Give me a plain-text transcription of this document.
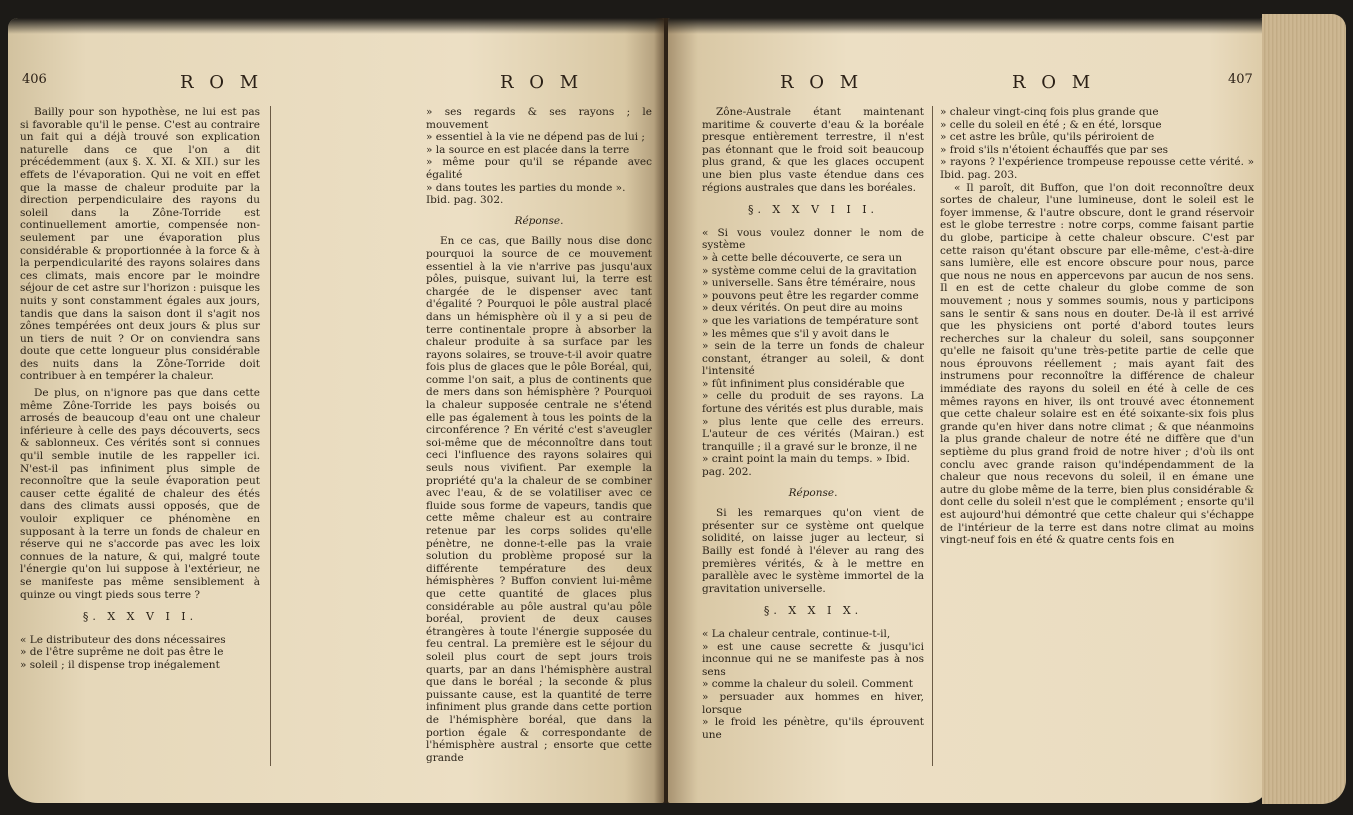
406	R O M	R O M

Bailly pour son hypothèse, ne lui est pas si favorable qu'il le pense. C'est au contraire un fait qui a déjà trouvé son explication naturelle dans ce que l'on a dit précédemment (aux §. X. XI. & XII.) sur les effets de l'évaporation. Qui ne voit en effet que la masse de chaleur produite par la direction perpendiculaire des rayons du soleil dans la Zône-Torride est continuellement amortie, compensée non-seulement par une évaporation plus considérable & proportionnée à la force & à la perpendicularité des rayons solaires dans ces climats, mais encore par le moindre séjour de cet astre sur l'horizon : puisque les nuits y sont constamment égales aux jours, tandis que dans la saison dont il s'agit nos zônes tempérées ont deux jours & plus sur un tiers de nuit ? Or on conviendra sans doute que cette longueur plus considérable des nuits dans la Zône-Torride doit contribuer à en tempérer la chaleur.

De plus, on n'ignore pas que dans cette même Zône-Torride les pays boisés ou arrosés de beaucoup d'eau ont une chaleur inférieure à celle des pays découverts, secs & sablonneux. Ces vérités sont si connues qu'il semble inutile de les rappeller ici. N'est-il pas infiniment plus simple de reconnoître que la seule évaporation peut causer cette égalité de chaleur des étés dans des climats aussi opposés, que de vouloir expliquer ce phénomène en supposant à la terre un fonds de chaleur en réserve qui ne s'accorde pas avec les loix connues de la nature, & qui, malgré toute l'énergie qu'on lui suppose à l'extérieur, ne se manifeste pas même sensiblement à quinze ou vingt pieds sous terre ?

§. X X V I I.

« Le distributeur des dons nécessaires
» de l'être suprême ne doit pas être le
» soleil ; il dispense trop inégalement
» ses regards & ses rayons ; le mouvement
» essentiel à la vie ne dépend pas de lui ;
» la source en est placée dans la terre
» même pour qu'il se répande avec égalité
» dans toutes les parties du monde ».
Ibid. pag. 302.

Réponse.

En ce cas, que Bailly nous dise donc pourquoi la source de ce mouvement essentiel à la vie n'arrive pas jusqu'aux pôles, puisque, suivant lui, la terre est chargée de le dispenser avec tant d'égalité ? Pourquoi le pôle austral placé dans un hémisphère où il y a si peu de terre continentale propre à absorber la chaleur produite à sa surface par les rayons solaires, se trouve-t-il avoir quatre fois plus de glaces que le pôle Boréal, qui, comme l'on sait, a plus de continents que de mers dans son hémisphère ? Pourquoi la chaleur supposée centrale ne s'étend elle pas également à tous les points de la circonférence ? En vérité c'est s'aveugler soi-même que de méconnoître dans tout ceci l'influence des rayons solaires qui seuls nous vivifient. Par exemple la propriété qu'a la chaleur de se combiner avec l'eau, & de se volatiliser avec ce fluide sous forme de vapeurs, tandis que cette même chaleur est au contraire retenue par les corps solides qu'elle pénètre, ne donne-t-elle pas la vraie solution du problème proposé sur la différente température des deux hémisphères ? Buffon convient lui-même que cette quantité de glaces plus considérable au pôle austral qu'au pôle boréal, provient de deux causes étrangères à toute l'énergie supposée du feu central. La première est le séjour du soleil plus court de sept jours trois quarts, par an dans l'hémisphère austral que dans le boréal ; la seconde & plus puissante cause, est la quantité de terre infiniment plus grande dans cette portion de l'hémisphère boréal, que dans la portion égale & correspondante de l'hémisphère austral ; ensorte que cette grande

R O M	R O M	407

Zône-Australe étant maintenant maritime & couverte d'eau & la boréale presque entièrement terrestre, il n'est pas étonnant que le froid soit beaucoup plus grand, & que les glaces occupent une bien plus vaste étendue dans ces régions australes que dans les boréales.

§. X X V I I I.

« Si vous voulez donner le nom de système
» à cette belle découverte, ce sera un
» système comme celui de la gravitation
» universelle. Sans être téméraire, nous
» pouvons peut être les regarder comme
» deux vérités. On peut dire au moins
» que les variations de température sont
» les mêmes que s'il y avoit dans le
» sein de la terre un fonds de chaleur constant, étranger au soleil, & dont l'intensité
» fût infiniment plus considérable que
» celle du produit de ses rayons. La fortune des vérités est plus durable, mais
» plus lente que celle des erreurs. L'auteur de ces vérités (Mairan.) est tranquille ; il a gravé sur le bronze, il ne
» craint point la main du temps. » Ibid.
pag. 202.

Réponse.

Si les remarques qu'on vient de présenter sur ce système ont quelque solidité, on laisse juger au lecteur, si Bailly est fondé à l'élever au rang des premières vérités, & à le mettre en parallèle avec le système immortel de la gravitation universelle.

§. X X I X.

« La chaleur centrale, continue-t-il,
» est une cause secrette & jusqu'ici inconnue qui ne se manifeste pas à nos sens
» comme la chaleur du soleil. Comment
» persuader aux hommes en hiver, lorsque
» le froid les pénètre, qu'ils éprouvent une
» chaleur vingt-cinq fois plus grande que
» celle du soleil en été ; & en été, lorsque
» cet astre les brûle, qu'ils périroient de
» froid s'ils n'étoient échauffés que par ses
» rayons ? l'expérience trompeuse repousse cette vérité. » Ibid. pag. 203.

« Il paroît, dit Buffon, que l'on doit reconnoître deux sortes de chaleur, l'une lumineuse, dont le soleil est le foyer immense, & l'autre obscure, dont le grand réservoir est le globe terrestre : notre corps, comme faisant partie du globe, participe à cette chaleur obscure. C'est par cette raison qu'étant obscure par elle-même, c'est-à-dire sans lumière, elle est encore obscure pour nous, parce que nous ne nous en appercevons par aucun de nos sens. Il en est de cette chaleur du globe comme de son mouvement ; nous y sommes soumis, nous y participons sans le sentir & sans nous en douter. De-là il est arrivé que les physiciens ont porté d'abord toutes leurs recherches sur la chaleur du soleil, sans soupçonner qu'elle ne faisoit qu'une très-petite partie de celle que nous éprouvons réellement ; mais ayant fait des instrumens pour reconnoître la différence de chaleur immédiate des rayons du soleil en été à celle de ces mêmes rayons en hiver, ils ont trouvé avec étonnement que cette chaleur solaire est en été soixante-six fois plus grande qu'en hiver dans notre climat ; & que néanmoins la plus grande chaleur de notre été ne diffère que d'un septième du plus grand froid de notre hiver ; d'où ils ont conclu avec grande raison qu'indépendamment de la chaleur que nous recevons du soleil, il en émane une autre du globe même de la terre, bien plus considérable & dont celle du soleil n'est que le complément ; ensorte qu'il est aujourd'hui démontré que cette chaleur qui s'échappe de l'intérieur de la terre est dans notre climat au moins vingt-neuf fois en été & quatre cents fois en
